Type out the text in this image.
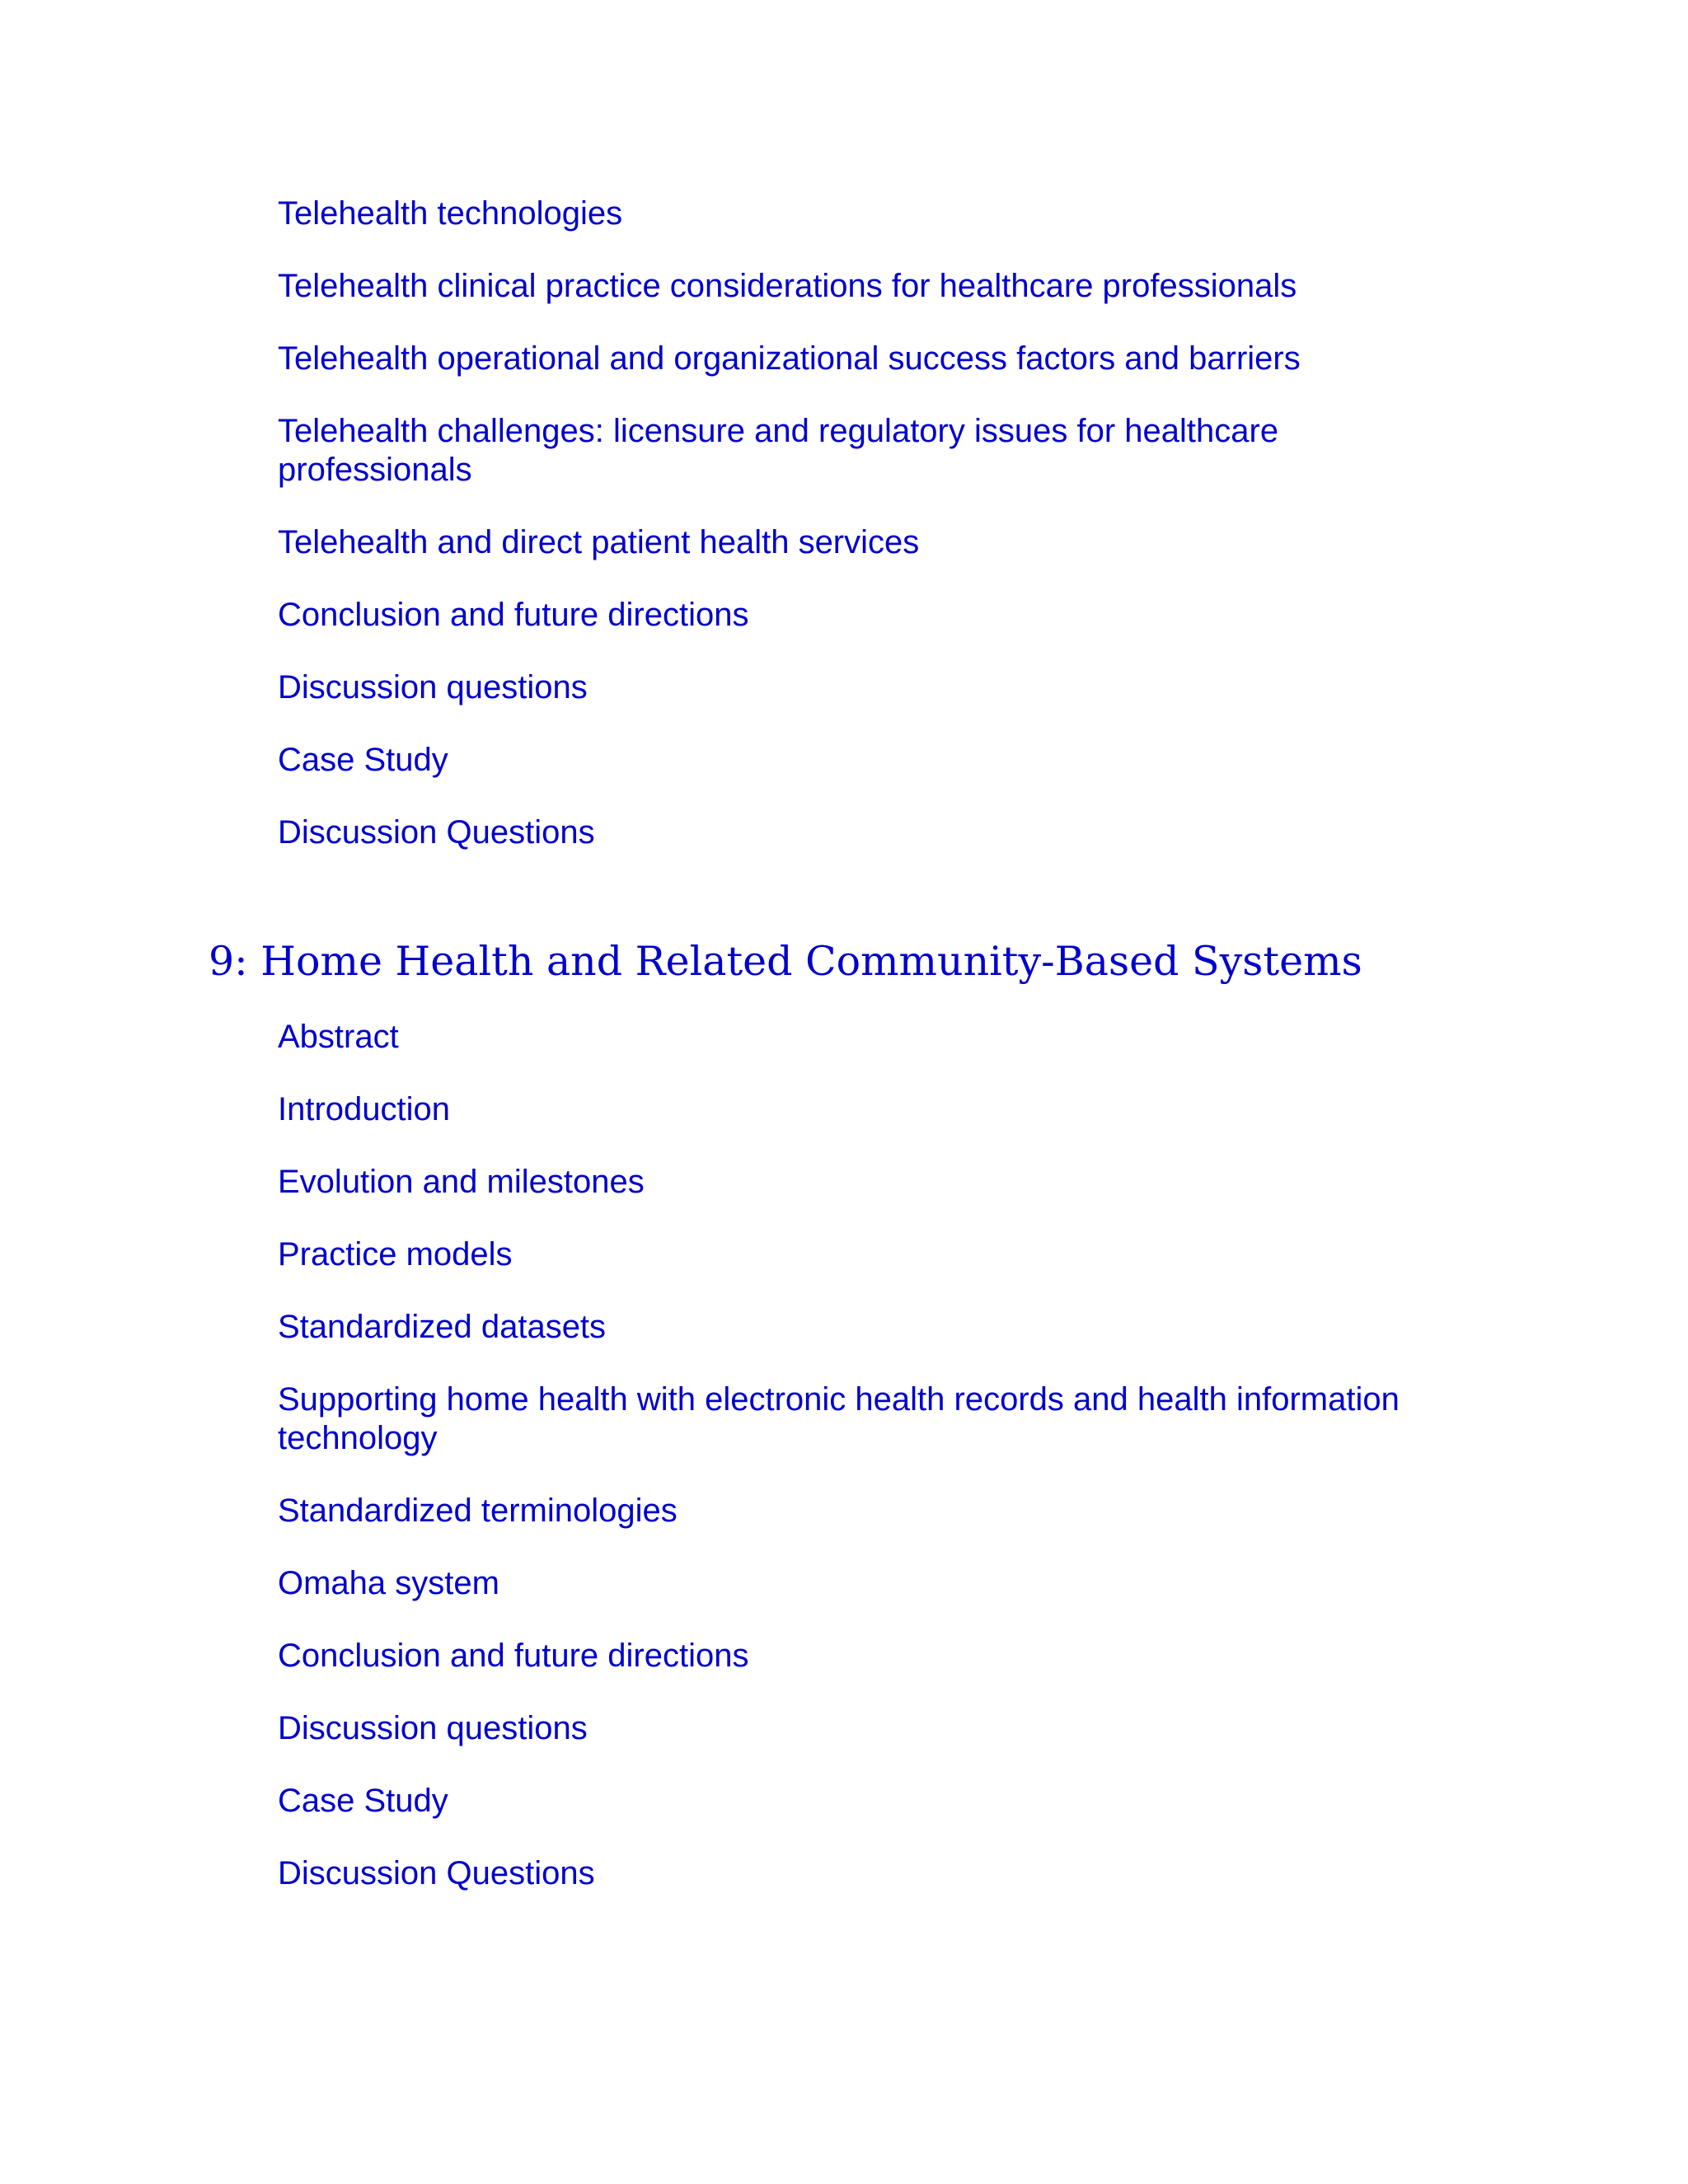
Telehealth technologies
Telehealth clinical practice considerations for healthcare professionals
Telehealth operational and organizational success factors and barriers
Telehealth challenges: licensure and regulatory issues for healthcare professionals
Telehealth and direct patient health services
Conclusion and future directions
Discussion questions
Case Study
Discussion Questions
9: Home Health and Related Community-Based Systems
Abstract
Introduction
Evolution and milestones
Practice models
Standardized datasets
Supporting home health with electronic health records and health information technology
Standardized terminologies
Omaha system
Conclusion and future directions
Discussion questions
Case Study
Discussion Questions
